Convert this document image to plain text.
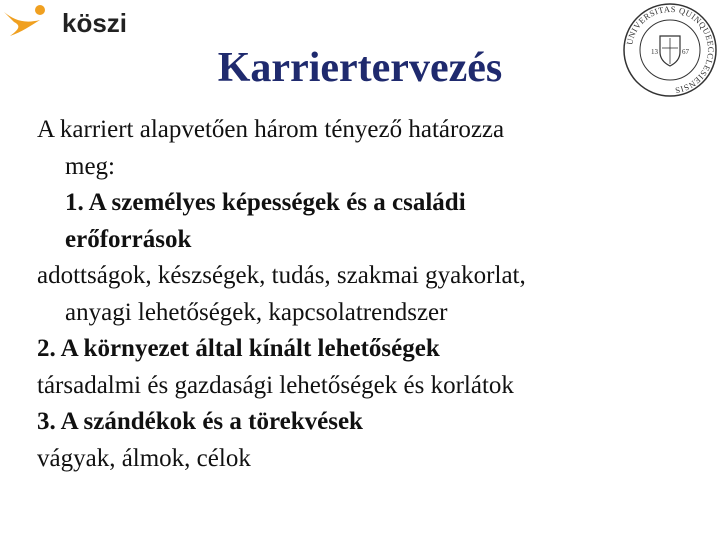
köszi
UNIVERSITAS QUINQUEECCLESIENSIS
13	67
Karriertervezés

A karriert alapvetően három tényező határozza

meg:

1. A személyes képességek és a családi

erőforrások

adottságok, készségek, tudás, szakmai gyakorlat,

anyagi lehetőségek, kapcsolatrendszer

2. A környezet által kínált lehetőségek

társadalmi és gazdasági lehetőségek és korlátok

3. A szándékok és a törekvések

vágyak, álmok, célok
